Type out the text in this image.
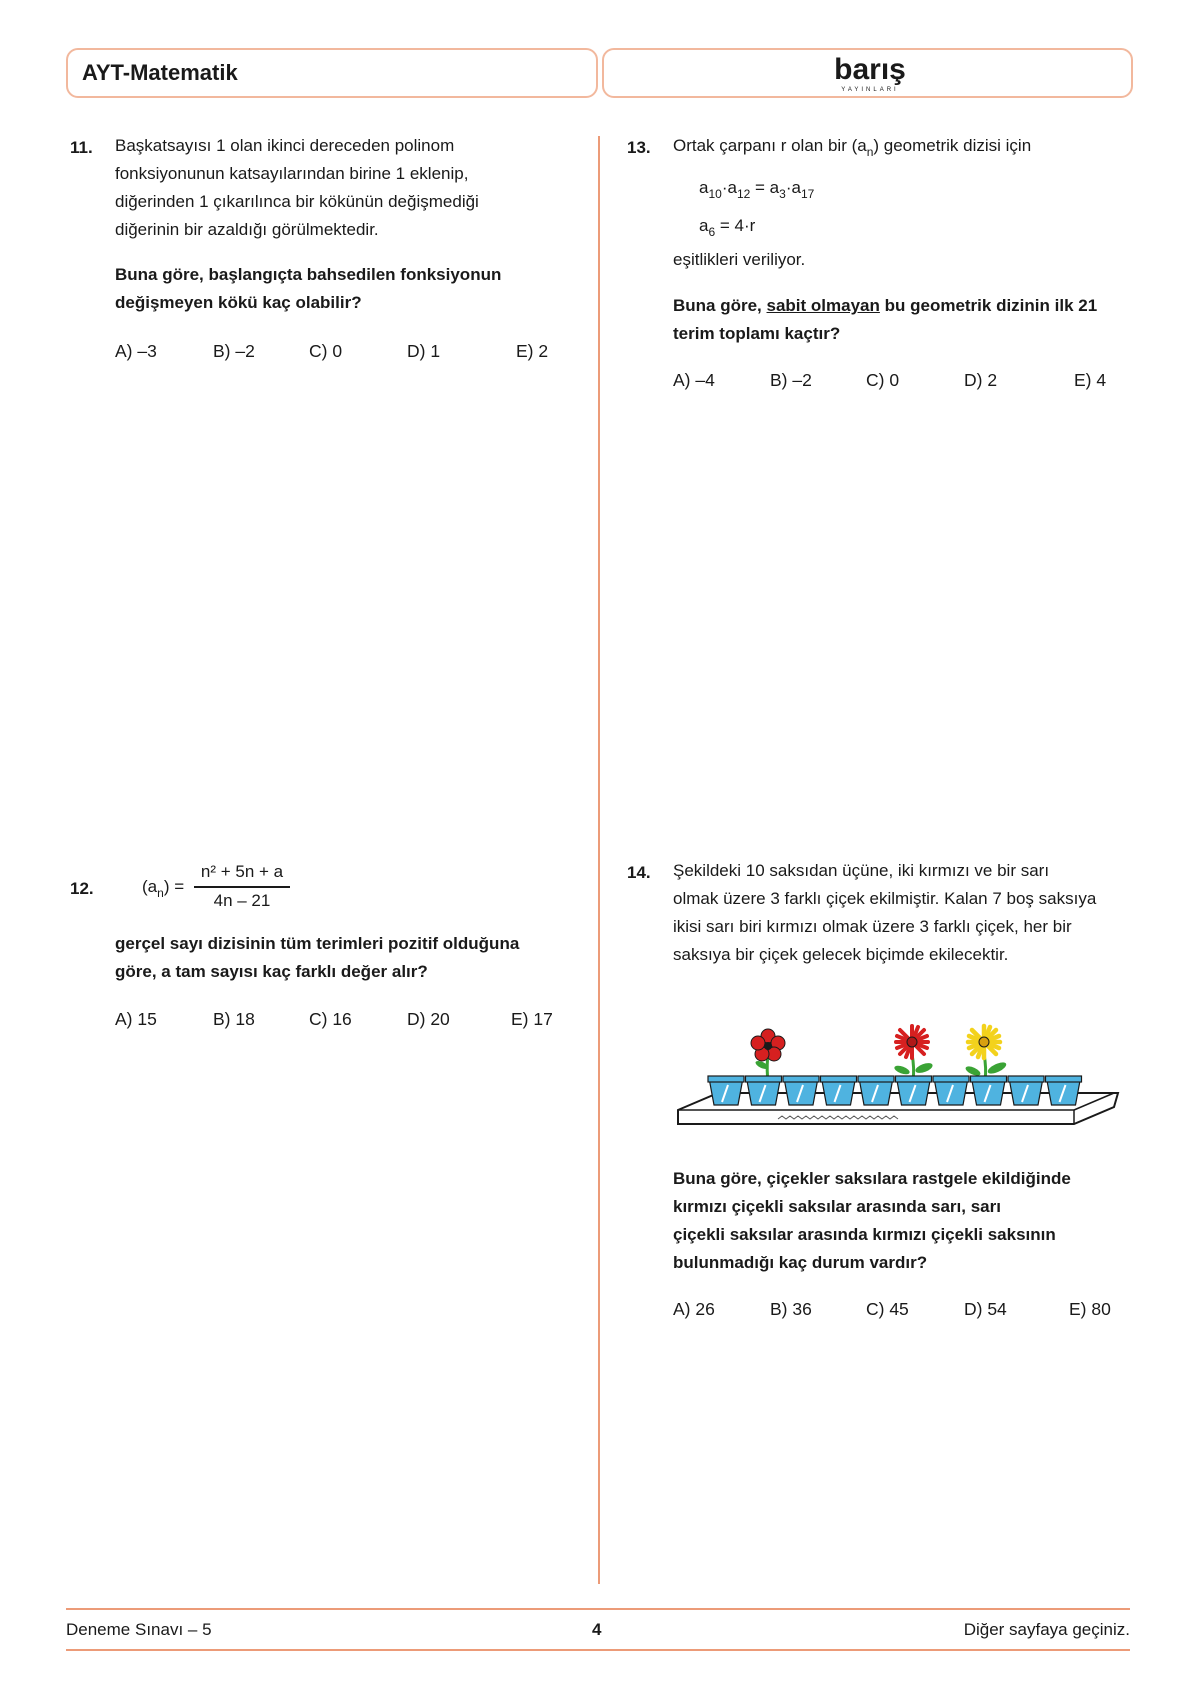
AYT-Matematik	barış
YAYINLARI
11. Başkatsayısı 1 olan ikinci dereceden polinom
fonksiyonunun katsayılarından birine 1 eklenip,
diğerinden 1 çıkarılınca bir kökünün değişmediği
diğerinin bir azaldığı görülmektedir.
Buna göre, başlangıçta bahsedilen fonksiyonun
değişmeyen kökü kaç olabilir?
A) –3	B) –2	C) 0	D) 1	E) 2
12.	$(a_n)$ =
n² + 5n + a
4n – 21
gerçel sayı dizisinin tüm terimleri pozitif olduğuna
göre, a tam sayısı kaç farklı değer alır?
A) 15	B) 18	C) 16	D) 20	E) 17
13. Ortak çarpanı r olan bir $(a_n)$ geometrik dizisi için
$a_{10}\cdot a_{12} = a_3\cdot a_{17}$
$a_6 = 4\cdot r$
eşitlikleri veriliyor.
Buna göre, sabit olmayan bu geometrik dizinin ilk 21
terim toplamı kaçtır?
A) –4	B) –2	C) 0	D) 2	E) 4
14. Şekildeki 10 saksıdan üçüne, iki kırmızı ve bir sarı
olmak üzere 3 farklı çiçek ekilmiştir. Kalan 7 boş saksıya
ikisi sarı biri kırmızı olmak üzere 3 farklı çiçek, her bir
saksıya bir çiçek gelecek biçimde ekilecektir.
Buna göre, çiçekler saksılara rastgele ekildiğinde
kırmızı çiçekli saksılar arasında sarı, sarı
çiçekli saksılar arasında kırmızı çiçekli saksının
bulunmadığı kaç durum vardır?
A) 26	B) 36	C) 45	D) 54	E) 80
Deneme Sınavı – 5	4	Diğer sayfaya geçiniz.
